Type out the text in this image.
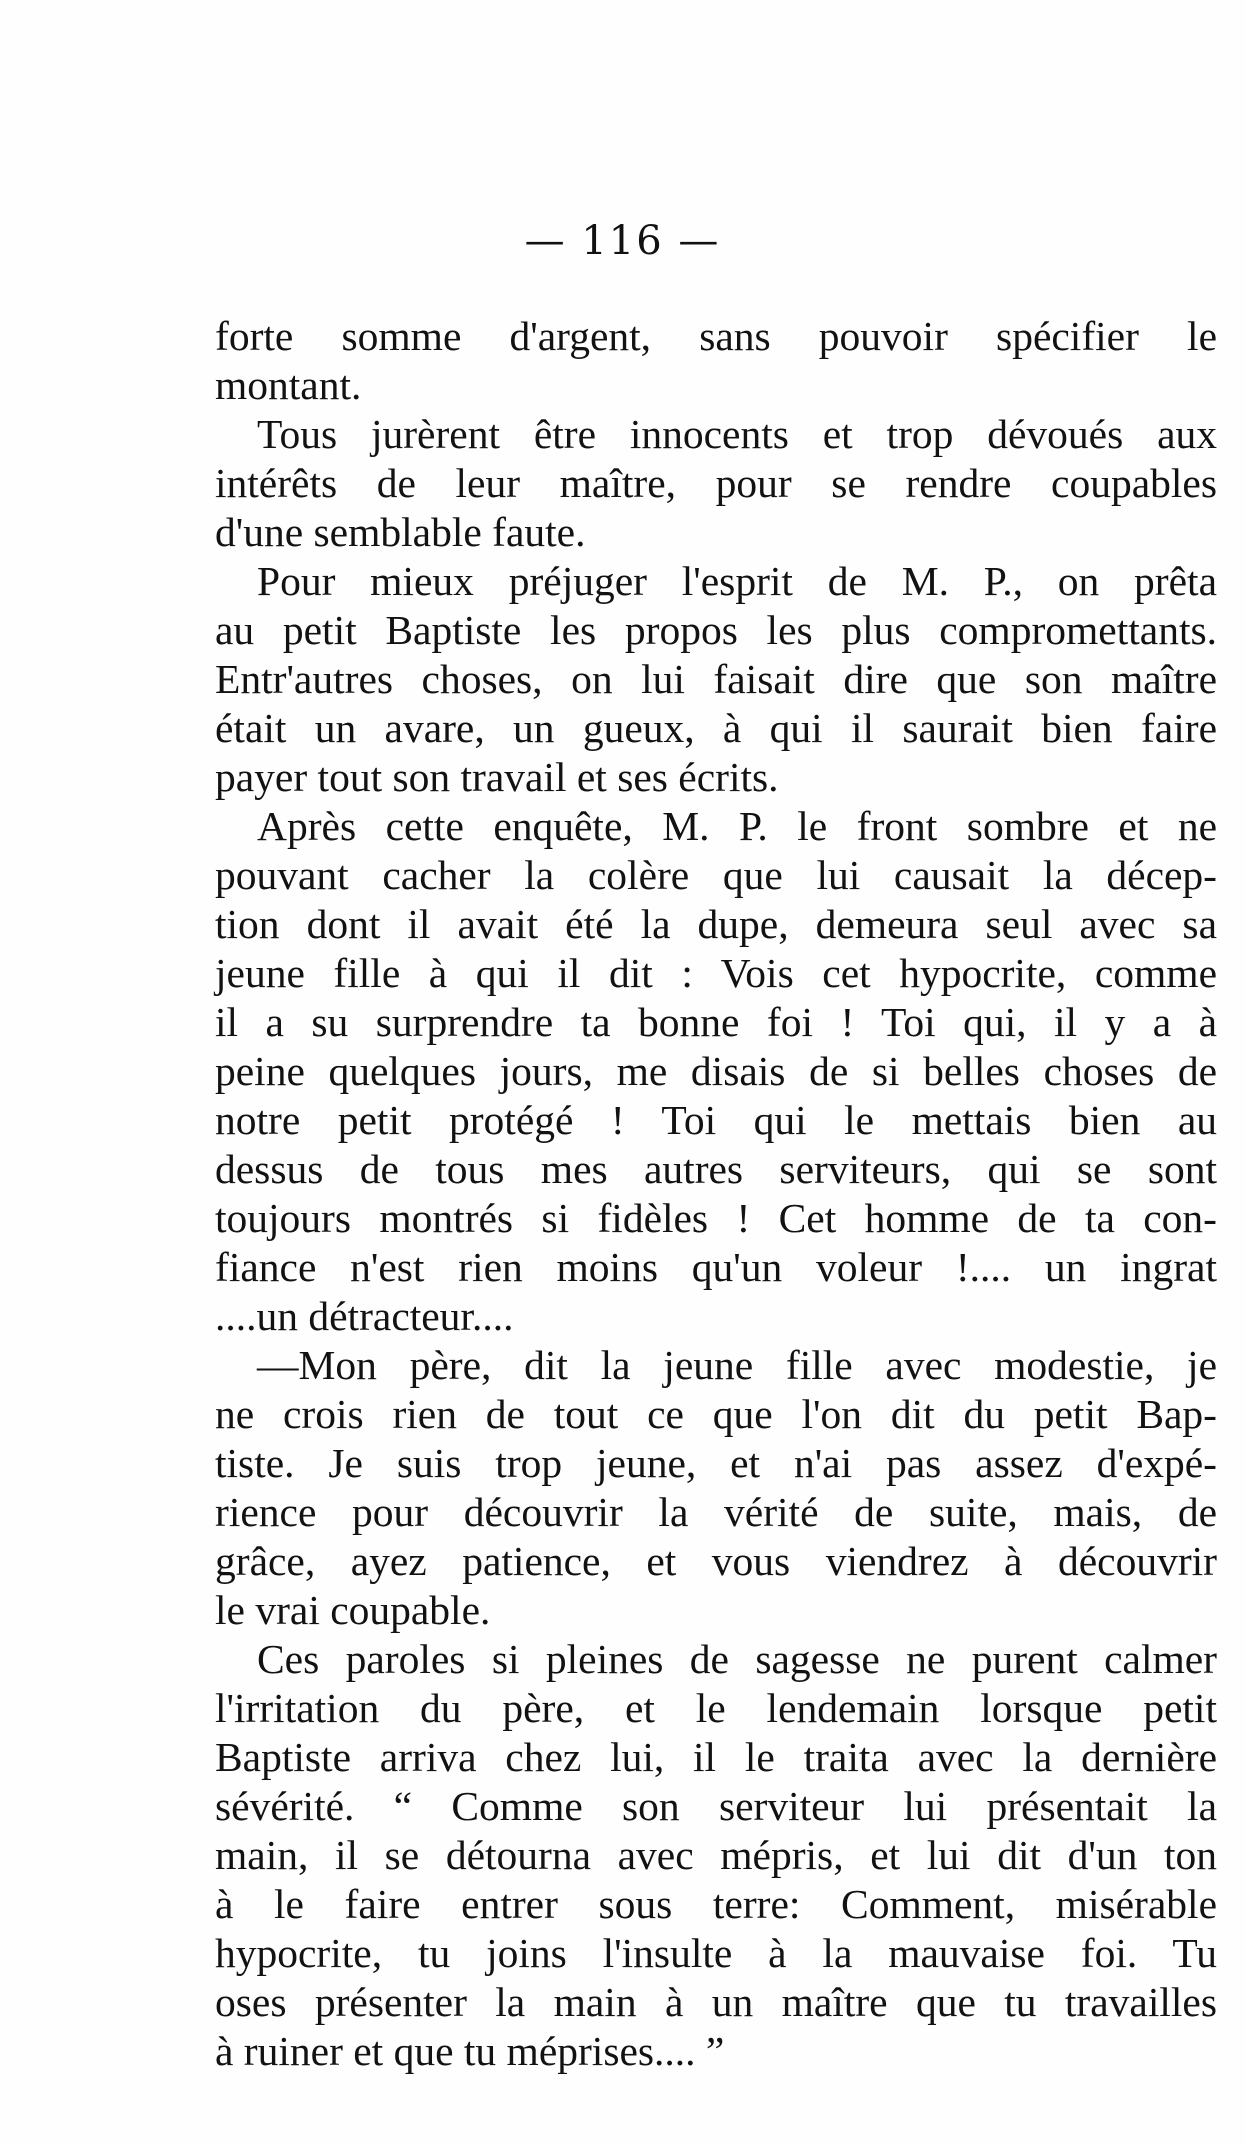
— 116 —
forte somme d'argent, sans pouvoir spécifier le
montant.
Tous jurèrent être innocents et trop dévoués aux
intérêts de leur maître, pour se rendre coupables
d'une semblable faute.
Pour mieux préjuger l'esprit de M. P., on prêta
au petit Baptiste les propos les plus compromettants.
Entr'autres choses, on lui faisait dire que son maître
était un avare, un gueux, à qui il saurait bien faire
payer tout son travail et ses écrits.
Après cette enquête, M. P. le front sombre et ne
pouvant cacher la colère que lui causait la décep-
tion dont il avait été la dupe, demeura seul avec sa
jeune fille à qui il dit : Vois cet hypocrite, comme
il a su surprendre ta bonne foi ! Toi qui, il y a à
peine quelques jours, me disais de si belles choses de
notre petit protégé ! Toi qui le mettais bien au
dessus de tous mes autres serviteurs, qui se sont
toujours montrés si fidèles ! Cet homme de ta con-
fiance n'est rien moins qu'un voleur !.... un ingrat
....un détracteur....
—Mon père, dit la jeune fille avec modestie, je
ne crois rien de tout ce que l'on dit du petit Bap-
tiste. Je suis trop jeune, et n'ai pas assez d'expé-
rience pour découvrir la vérité de suite, mais, de
grâce, ayez patience, et vous viendrez à découvrir
le vrai coupable.
Ces paroles si pleines de sagesse ne purent calmer
l'irritation du père, et le lendemain lorsque petit
Baptiste arriva chez lui, il le traita avec la dernière
sévérité. “ Comme son serviteur lui présentait la
main, il se détourna avec mépris, et lui dit d'un ton
à le faire entrer sous terre: Comment, misérable
hypocrite, tu joins l'insulte à la mauvaise foi. Tu
oses présenter la main à un maître que tu travailles
à ruiner et que tu méprises.... ”
